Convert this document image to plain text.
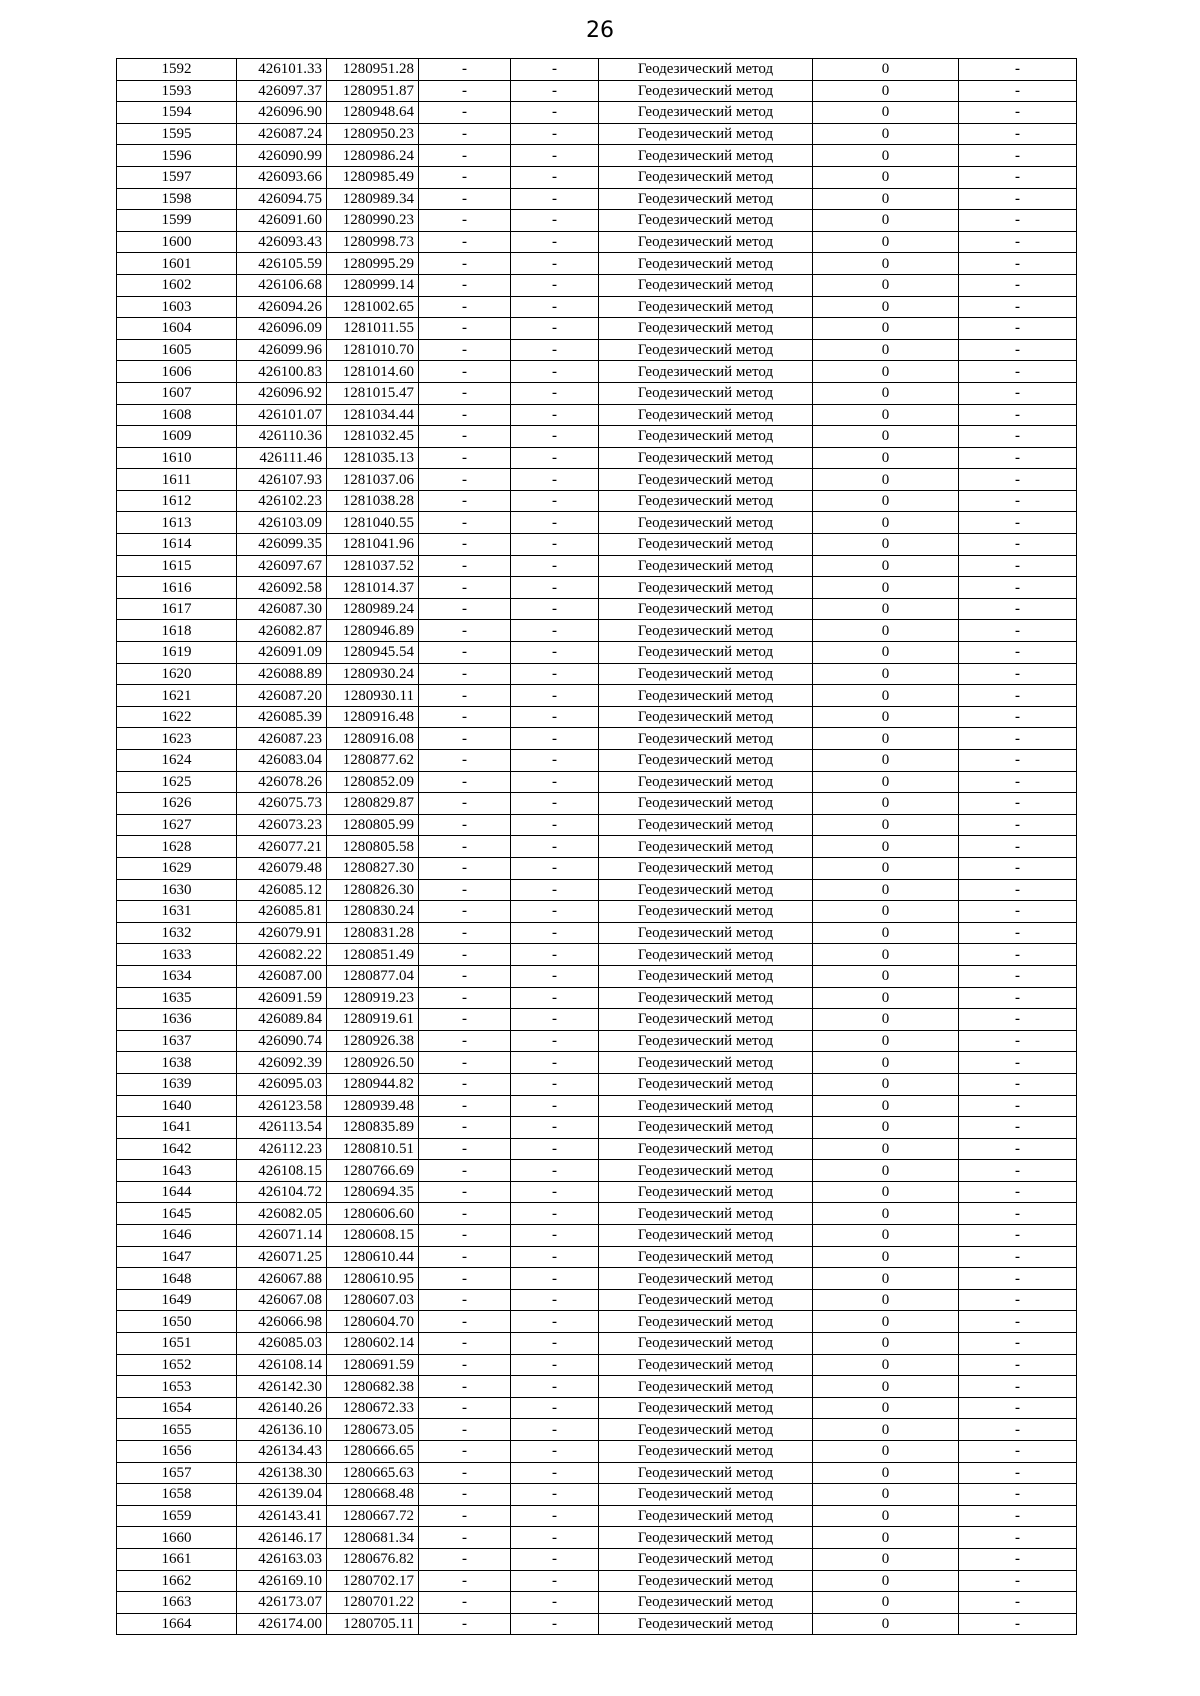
26
1592	426101.33	1280951.28	-	-	Геодезический метод	0	-
1593	426097.37	1280951.87	-	-	Геодезический метод	0	-
1594	426096.90	1280948.64	-	-	Геодезический метод	0	-
1595	426087.24	1280950.23	-	-	Геодезический метод	0	-
1596	426090.99	1280986.24	-	-	Геодезический метод	0	-
1597	426093.66	1280985.49	-	-	Геодезический метод	0	-
1598	426094.75	1280989.34	-	-	Геодезический метод	0	-
1599	426091.60	1280990.23	-	-	Геодезический метод	0	-
1600	426093.43	1280998.73	-	-	Геодезический метод	0	-
1601	426105.59	1280995.29	-	-	Геодезический метод	0	-
1602	426106.68	1280999.14	-	-	Геодезический метод	0	-
1603	426094.26	1281002.65	-	-	Геодезический метод	0	-
1604	426096.09	1281011.55	-	-	Геодезический метод	0	-
1605	426099.96	1281010.70	-	-	Геодезический метод	0	-
1606	426100.83	1281014.60	-	-	Геодезический метод	0	-
1607	426096.92	1281015.47	-	-	Геодезический метод	0	-
1608	426101.07	1281034.44	-	-	Геодезический метод	0	-
1609	426110.36	1281032.45	-	-	Геодезический метод	0	-
1610	426111.46	1281035.13	-	-	Геодезический метод	0	-
1611	426107.93	1281037.06	-	-	Геодезический метод	0	-
1612	426102.23	1281038.28	-	-	Геодезический метод	0	-
1613	426103.09	1281040.55	-	-	Геодезический метод	0	-
1614	426099.35	1281041.96	-	-	Геодезический метод	0	-
1615	426097.67	1281037.52	-	-	Геодезический метод	0	-
1616	426092.58	1281014.37	-	-	Геодезический метод	0	-
1617	426087.30	1280989.24	-	-	Геодезический метод	0	-
1618	426082.87	1280946.89	-	-	Геодезический метод	0	-
1619	426091.09	1280945.54	-	-	Геодезический метод	0	-
1620	426088.89	1280930.24	-	-	Геодезический метод	0	-
1621	426087.20	1280930.11	-	-	Геодезический метод	0	-
1622	426085.39	1280916.48	-	-	Геодезический метод	0	-
1623	426087.23	1280916.08	-	-	Геодезический метод	0	-
1624	426083.04	1280877.62	-	-	Геодезический метод	0	-
1625	426078.26	1280852.09	-	-	Геодезический метод	0	-
1626	426075.73	1280829.87	-	-	Геодезический метод	0	-
1627	426073.23	1280805.99	-	-	Геодезический метод	0	-
1628	426077.21	1280805.58	-	-	Геодезический метод	0	-
1629	426079.48	1280827.30	-	-	Геодезический метод	0	-
1630	426085.12	1280826.30	-	-	Геодезический метод	0	-
1631	426085.81	1280830.24	-	-	Геодезический метод	0	-
1632	426079.91	1280831.28	-	-	Геодезический метод	0	-
1633	426082.22	1280851.49	-	-	Геодезический метод	0	-
1634	426087.00	1280877.04	-	-	Геодезический метод	0	-
1635	426091.59	1280919.23	-	-	Геодезический метод	0	-
1636	426089.84	1280919.61	-	-	Геодезический метод	0	-
1637	426090.74	1280926.38	-	-	Геодезический метод	0	-
1638	426092.39	1280926.50	-	-	Геодезический метод	0	-
1639	426095.03	1280944.82	-	-	Геодезический метод	0	-
1640	426123.58	1280939.48	-	-	Геодезический метод	0	-
1641	426113.54	1280835.89	-	-	Геодезический метод	0	-
1642	426112.23	1280810.51	-	-	Геодезический метод	0	-
1643	426108.15	1280766.69	-	-	Геодезический метод	0	-
1644	426104.72	1280694.35	-	-	Геодезический метод	0	-
1645	426082.05	1280606.60	-	-	Геодезический метод	0	-
1646	426071.14	1280608.15	-	-	Геодезический метод	0	-
1647	426071.25	1280610.44	-	-	Геодезический метод	0	-
1648	426067.88	1280610.95	-	-	Геодезический метод	0	-
1649	426067.08	1280607.03	-	-	Геодезический метод	0	-
1650	426066.98	1280604.70	-	-	Геодезический метод	0	-
1651	426085.03	1280602.14	-	-	Геодезический метод	0	-
1652	426108.14	1280691.59	-	-	Геодезический метод	0	-
1653	426142.30	1280682.38	-	-	Геодезический метод	0	-
1654	426140.26	1280672.33	-	-	Геодезический метод	0	-
1655	426136.10	1280673.05	-	-	Геодезический метод	0	-
1656	426134.43	1280666.65	-	-	Геодезический метод	0	-
1657	426138.30	1280665.63	-	-	Геодезический метод	0	-
1658	426139.04	1280668.48	-	-	Геодезический метод	0	-
1659	426143.41	1280667.72	-	-	Геодезический метод	0	-
1660	426146.17	1280681.34	-	-	Геодезический метод	0	-
1661	426163.03	1280676.82	-	-	Геодезический метод	0	-
1662	426169.10	1280702.17	-	-	Геодезический метод	0	-
1663	426173.07	1280701.22	-	-	Геодезический метод	0	-
1664	426174.00	1280705.11	-	-	Геодезический метод	0	-
